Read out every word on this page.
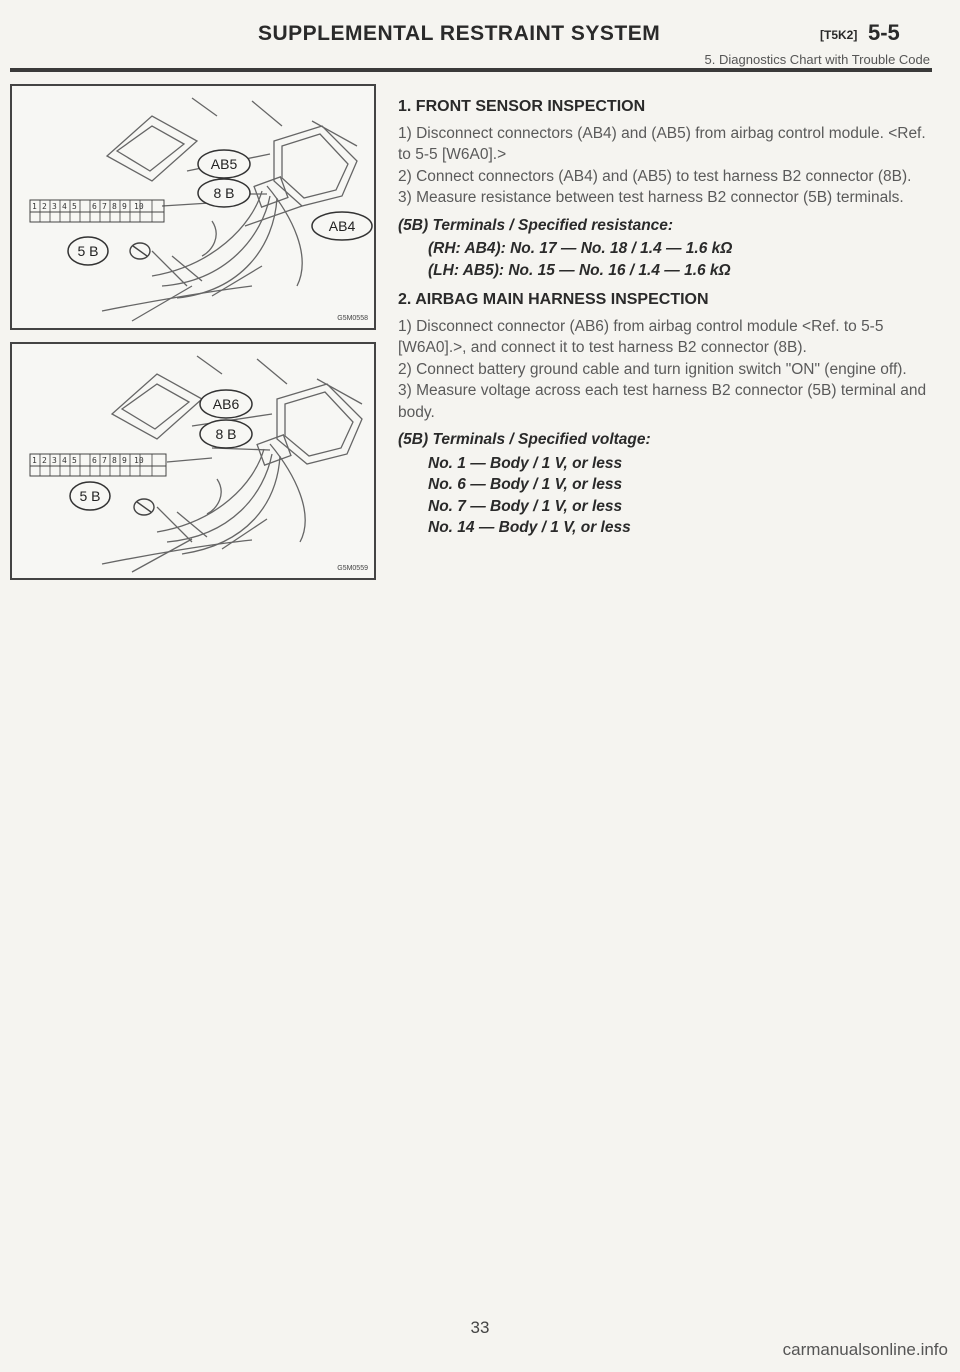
SUPPLEMENTAL RESTRAINT SYSTEM	[T5K2] 5-5
5. Diagnostics Chart with Trouble Code
1 2 3 4 5 6 7 8 9 10
AB5
8 B
AB4
5 B
G5M0558
1 2 3 4 5 6 7 8 9 10
AB6
8 B
5 B
G5M0559
1. FRONT SENSOR INSPECTION

1) Disconnect connectors (AB4) and (AB5) from airbag control module. <Ref. to 5-5 [W6A0].>

2) Connect connectors (AB4) and (AB5) to test harness B2 connector (8B).

3) Measure resistance between test harness B2 connector (5B) terminals.

(5B) Terminals / Specified resistance:
(RH: AB4): No. 17 — No. 18 / 1.4 — 1.6 kΩ
(LH: AB5): No. 15 — No. 16 / 1.4 — 1.6 kΩ
2. AIRBAG MAIN HARNESS INSPECTION

1) Disconnect connector (AB6) from airbag control module <Ref. to 5-5 [W6A0].>, and connect it to test harness B2 connector (8B).

2) Connect battery ground cable and turn ignition switch "ON" (engine off).

3) Measure voltage across each test harness B2 connector (5B) terminal and body.

(5B) Terminals / Specified voltage:
No. 1 — Body / 1 V, or less
No. 6 — Body / 1 V, or less
No. 7 — Body / 1 V, or less
No. 14 — Body / 1 V, or less
33
carmanualsonline.info
